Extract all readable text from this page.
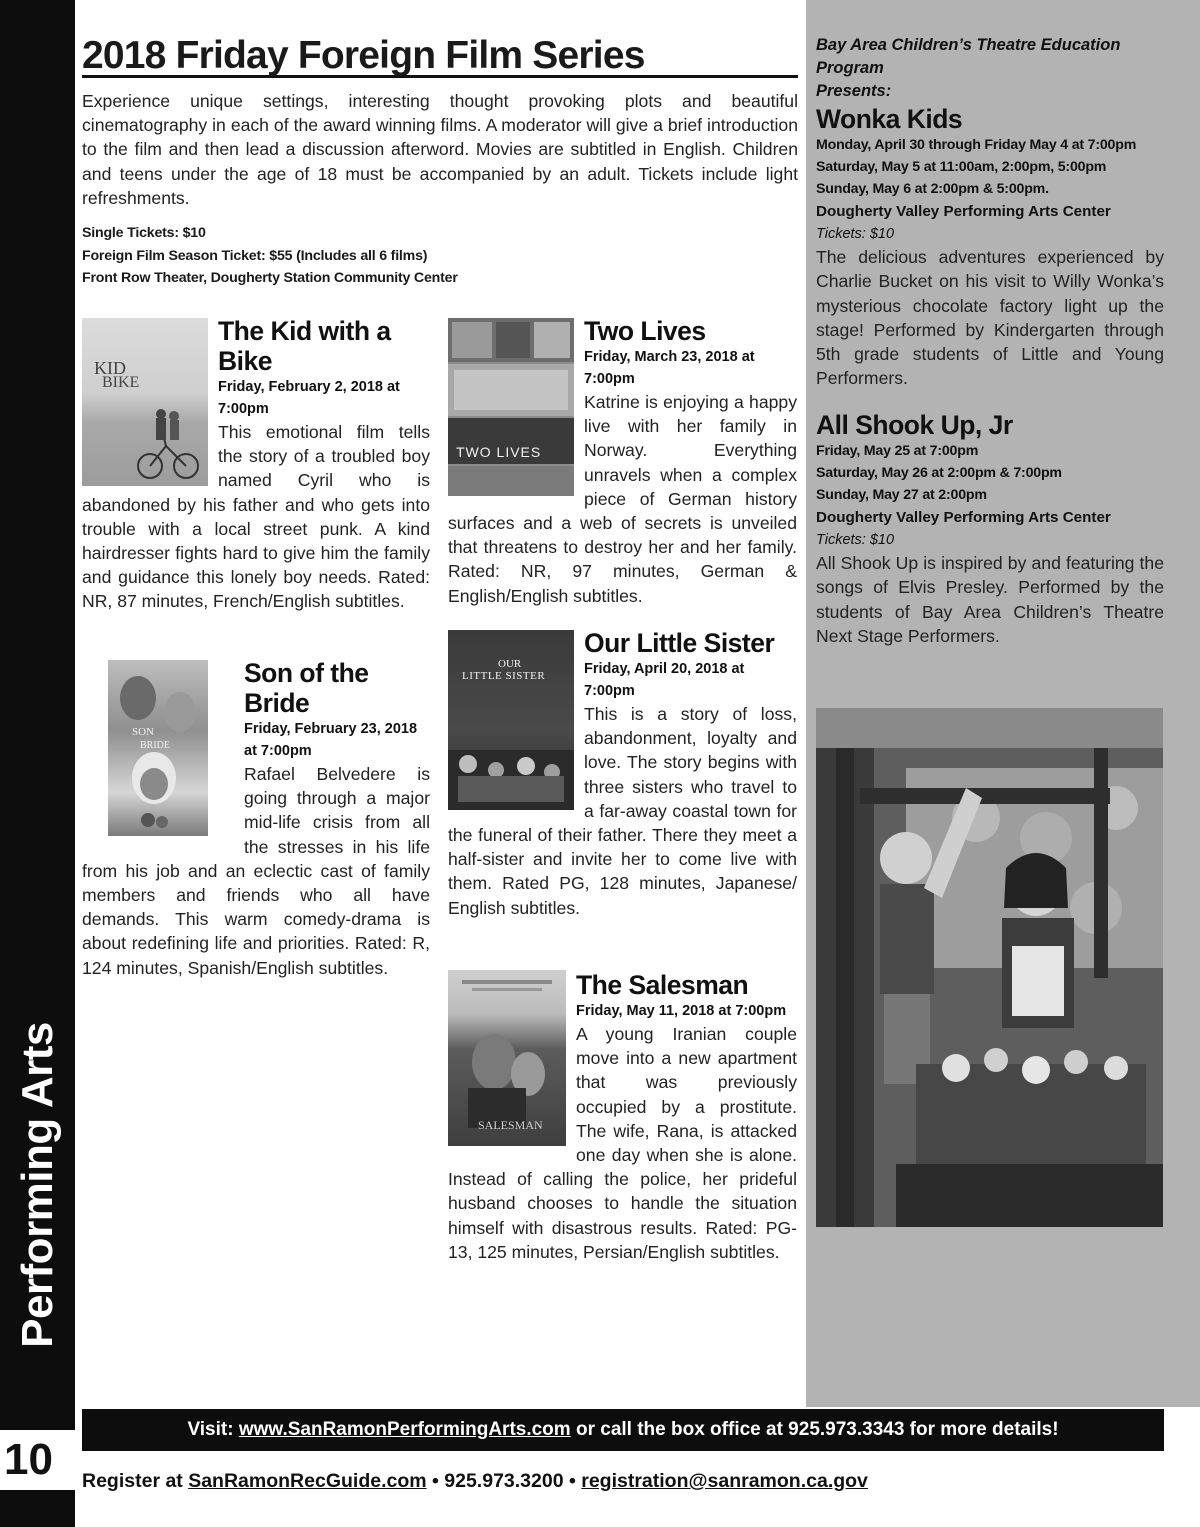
Performing Arts
10
2018 Friday Foreign Film Series

Experience unique settings, interesting thought provoking plots and beautiful cinematography in each of the award winning films. A moderator will give a brief introduction to the film and then lead a discussion afterword. Movies are subtitled in English. Children and teens under the age of 18 must be accompanied by an adult. Tickets include light refreshments.

Single Tickets: $10
Foreign Film Season Ticket: $55 (Includes all 6 films)
Front Row Theater, Dougherty Station Community Center
KID
BIKE
The Kid with a Bike
Friday, February 2, 2018 at 7:00pm

This emotional film tells the story of a troubled boy named Cyril who is abandoned by his father and who gets into trouble with a local street punk. A kind hairdresser fights hard to give him the family and guidance this lonely boy needs. Rated: NR, 87 minutes, French/English subtitles.

SON
BRIDE
Son of the Bride
Friday, February 23, 2018 at 7:00pm

Rafael Belvedere is going through a major mid-life crisis from all the stresses in his life from his job and an eclectic cast of family members and friends who all have demands. This warm comedy-drama is about redefining life and priorities. Rated: R, 124 minutes, Spanish/English subtitles.

TWO LIVES
Two Lives
Friday, March 23, 2018 at 7:00pm

Katrine is enjoying a happy live with her family in Norway. Everything unravels when a complex piece of German history surfaces and a web of secrets is unveiled that threatens to destroy her and her family. Rated: NR, 97 minutes, German & English/English subtitles.

OUR
LITTLE SISTER
Our Little Sister
Friday, April 20, 2018 at 7:00pm

This is a story of loss, abandonment, loyalty and love. The story begins with three sisters who travel to a far-away coastal town for the funeral of their father. There they meet a half-sister and invite her to come live with them. Rated PG, 128 minutes, Japanese/ English subtitles.

SALESMAN
The Salesman
Friday, May 11, 2018 at 7:00pm

A young Iranian couple move into a new apartment that was previously occupied by a prostitute. The wife, Rana, is attacked one day when she is alone. Instead of calling the police, her prideful husband chooses to handle the situation himself with disastrous results. Rated: PG-13, 125 minutes, Persian/English subtitles.

Bay Area Children’s Theatre Education Program
Presents:
Wonka Kids
Monday, April 30 through Friday May 4 at 7:00pm
Saturday, May 5 at 11:00am, 2:00pm, 5:00pm
Sunday, May 6 at 2:00pm & 5:00pm.
Dougherty Valley Performing Arts Center
Tickets: $10

The delicious adventures experienced by Charlie Bucket on his visit to Willy Wonka’s mysterious chocolate factory light up the stage! Performed by Kindergarten through 5th grade students of Little and Young Performers.

All Shook Up, Jr
Friday, May 25 at 7:00pm
Saturday, May 26 at 2:00pm & 7:00pm
Sunday, May 27 at 2:00pm
Dougherty Valley Performing Arts Center
Tickets: $10

All Shook Up is inspired by and featuring the songs of Elvis Presley. Performed by the students of Bay Area Children’s Theatre Next Stage Performers.

Visit: www.SanRamonPerformingArts.com or call the box office at 925.973.3343 for more details!
Register at SanRamonRecGuide.com • 925.973.3200 • registration@sanramon.ca.gov
